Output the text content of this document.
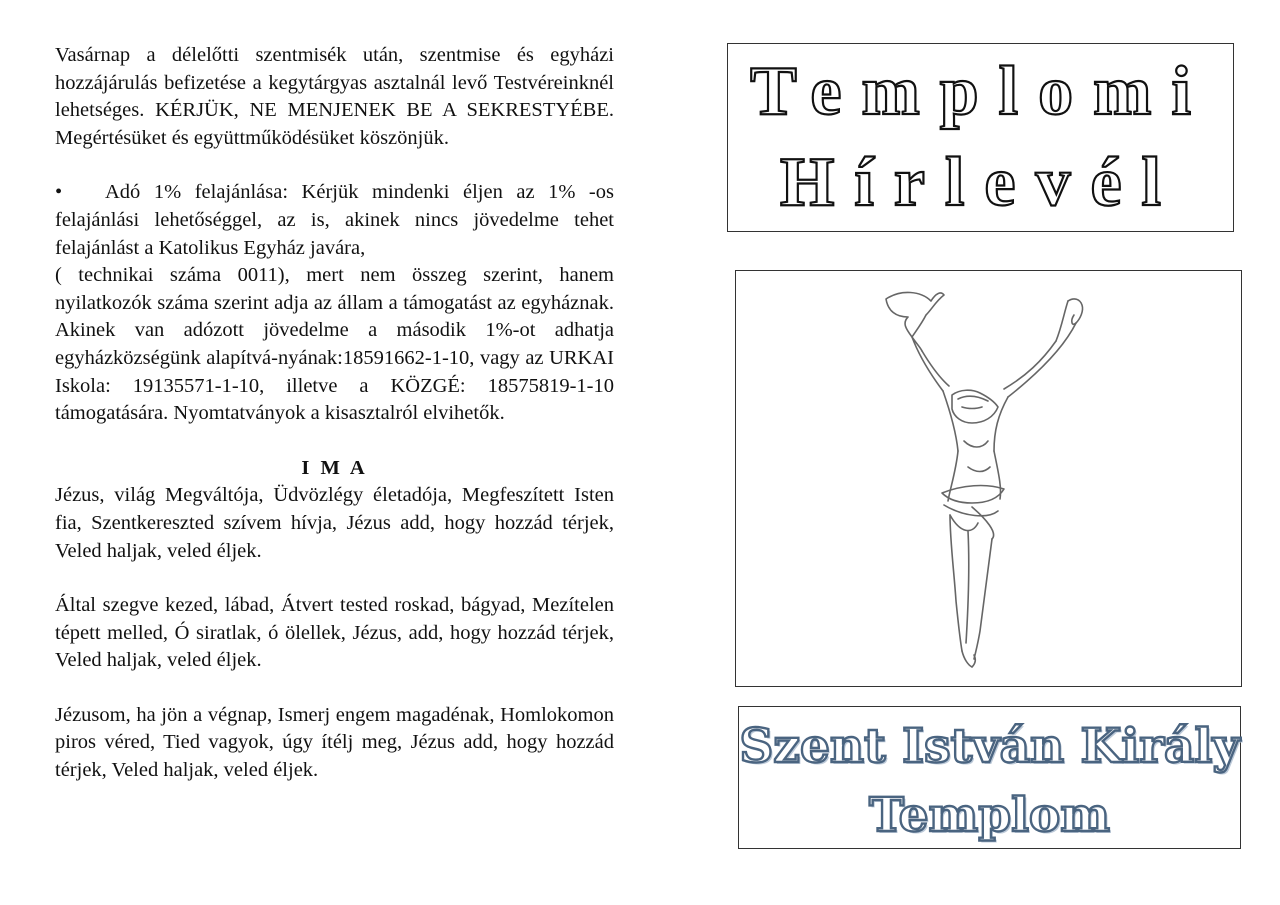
Vasárnap a délelőtti szentmisék után, szentmise és egyházi hozzájárulás befizetése a kegytárgyas asztalnál levő Testvéreinknél lehetséges. KÉRJÜK, NE MENJENEK BE A SEKRESTYÉBE. Megértésüket és együttműködésüket köszönjük.

• Adó 1% felajánlása: Kérjük mindenki éljen az 1% -os felajánlási lehetőséggel, az is, akinek nincs jövedelme tehet felajánlást a Katolikus Egyház javára,

( technikai száma 0011), mert nem összeg szerint, hanem nyilatkozók száma szerint adja az állam a támogatást az egyháznak. Akinek van adózott jövedelme a második 1%-ot adhatja egyházközségünk alapítvá-nyának:18591662-1-10, vagy az URKAI Iskola: 19135571-1-10, illetve a KÖZGÉ: 18575819-1-10 támogatására. Nyomtatványok a kisasztalról elvihetők.

I M A

Jézus, világ Megváltója, Üdvözlégy életadója, Megfeszített Isten fia, Szentkereszted szívem hívja, Jézus add, hogy hozzád térjek, Veled haljak, veled éljek.

Által szegve kezed, lábad, Átvert tested roskad, bágyad, Mezítelen tépett melled, Ó siratlak, ó ölellek, Jézus, add, hogy hozzád térjek, Veled haljak, veled éljek.

Jézusom, ha jön a végnap, Ismerj engem magadénak, Homlokomon piros véred, Tied vagyok, úgy ítélj meg, Jézus add, hogy hozzád térjek, Veled haljak, veled éljek.

Templomi
Hírlevél
Szent István Király
Templom
